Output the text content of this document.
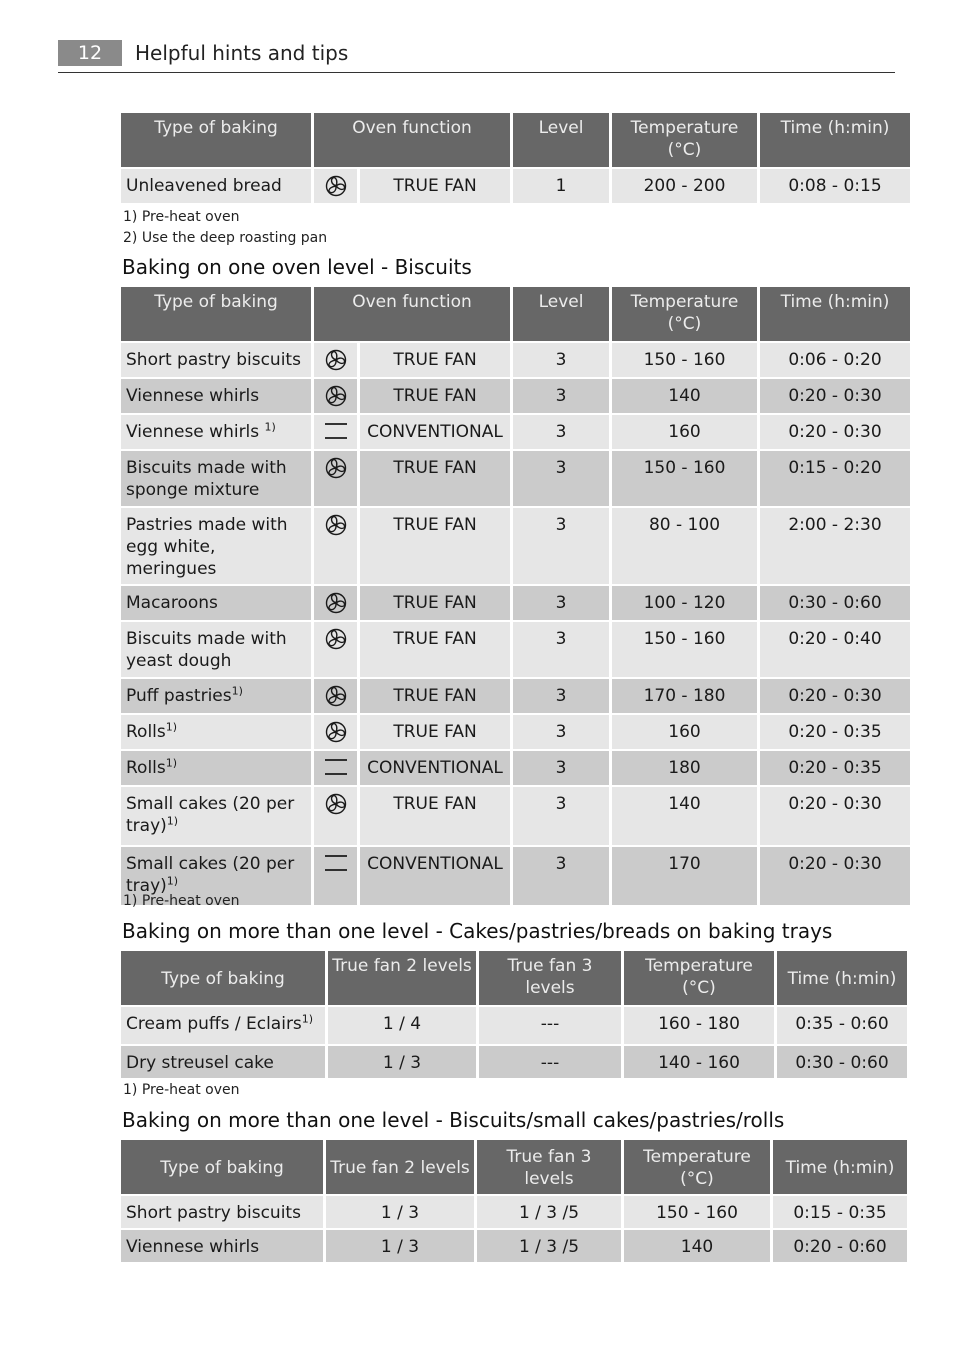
12	Helpful hints and tips
Type of baking	Oven function		Level	Temperature (°C)	Time (h:min)
Unleavened bread		TRUE FAN	1	200 - 200	0:08 - 0:15
1) Pre-heat oven
2) Use the deep roasting pan
Baking on one oven level - Biscuits
Type of baking	Oven function		Level	Temperature (°C)	Time (h:min)
Short pastry biscuits		TRUE FAN	3	150 - 160	0:06 - 0:20
Viennese whirls		TRUE FAN	3	140	0:20 - 0:30
Viennese whirls $^{1)}$		CONVENTIONAL	3	160	0:20 - 0:30
Biscuits made with sponge mixture		TRUE FAN	3	150 - 160	0:15 - 0:20
Pastries made with egg white, meringues		TRUE FAN	3	80 - 100	2:00 - 2:30
Macaroons		TRUE FAN	3	100 - 120	0:30 - 0:60
Biscuits made with yeast dough		TRUE FAN	3	150 - 160	0:20 - 0:40
Puff pastries$^{1)}$		TRUE FAN	3	170 - 180	0:20 - 0:30
Rolls$^{1)}$		TRUE FAN	3	160	0:20 - 0:35
Rolls$^{1)}$		CONVENTIONAL	3	180	0:20 - 0:35
Small cakes (20 per tray)$^{1)}$		TRUE FAN	3	140	0:20 - 0:30
Small cakes (20 per tray)$^{1)}$		CONVENTIONAL	3	170	0:20 - 0:30
1) Pre-heat oven
Baking on more than one level - Cakes/pastries/breads on baking trays
Type of baking	True fan 2 levels	True fan 3 levels	Temperature (°C)	Time (h:min)
Cream puffs / Eclairs$^{1)}$	1 / 4	---	160 - 180	0:35 - 0:60
Dry streusel cake	1 / 3	---	140 - 160	0:30 - 0:60
1) Pre-heat oven
Baking on more than one level - Biscuits/small cakes/pastries/rolls
Type of baking	True fan 2 levels	True fan 3 levels	Temperature (°C)	Time (h:min)
Short pastry biscuits	1 / 3	1 / 3 /5	150 - 160	0:15 - 0:35
Viennese whirls	1 / 3	1 / 3 /5	140	0:20 - 0:60
